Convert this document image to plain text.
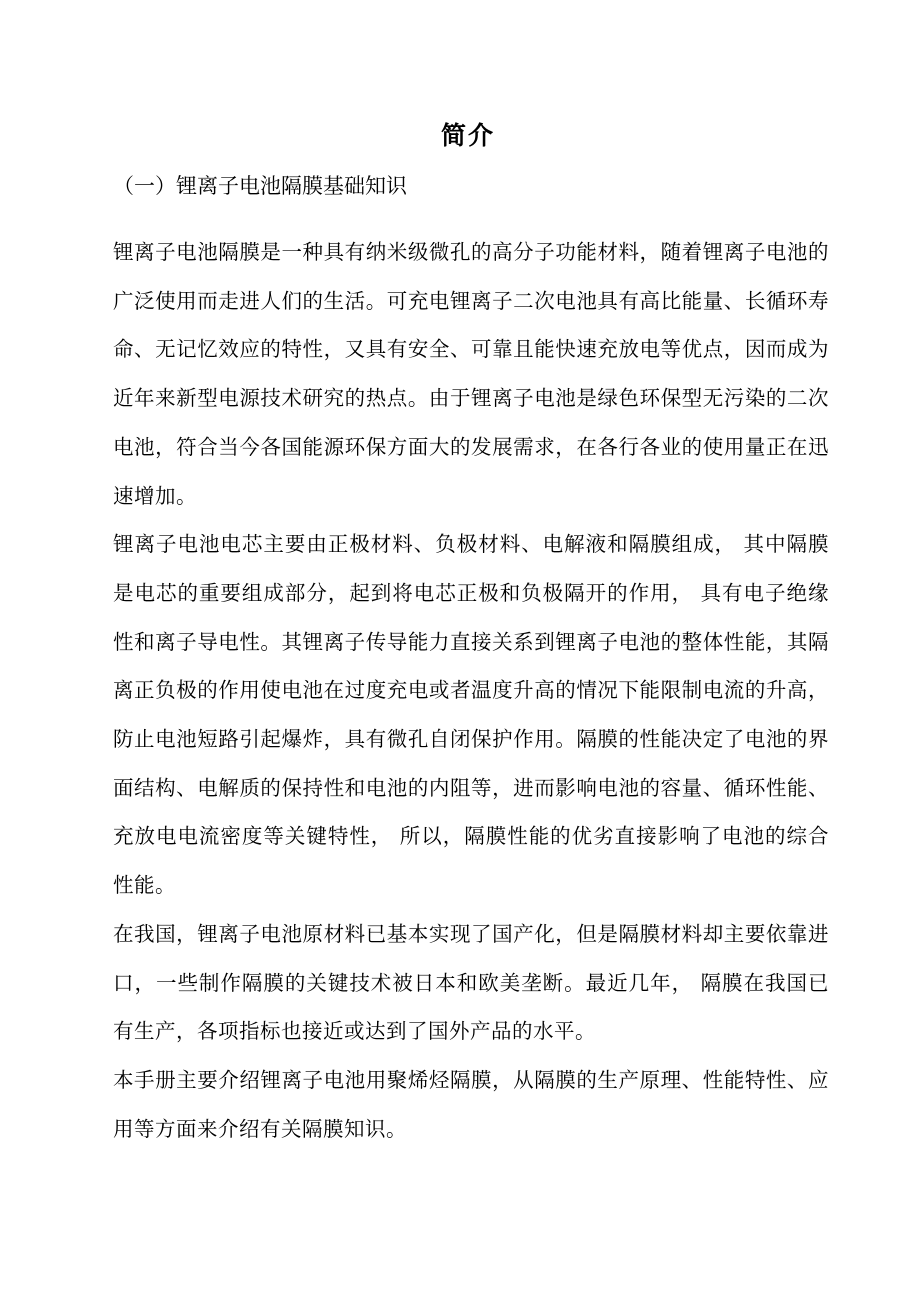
简介
（一）锂离子电池隔膜基础知识

锂离子电池隔膜是一种具有纳米级微孔的高分子功能材料，随着锂离子电池的广泛使用而走进人们的生活。可充电锂离子二次电池具有高比能量、长循环寿命、无记忆效应的特性，又具有安全、可靠且能快速充放电等优点，因而成为近年来新型电源技术研究的热点。由于锂离子电池是绿色环保型无污染的二次电池，符合当今各国能源环保方面大的发展需求，在各行各业的使用量正在迅速增加。

锂离子电池电芯主要由正极材料、负极材料、电解液和隔膜组成， 其中隔膜是电芯的重要组成部分，起到将电芯正极和负极隔开的作用， 具有电子绝缘性和离子导电性。其锂离子传导能力直接关系到锂离子电池的整体性能，其隔离正负极的作用使电池在过度充电或者温度升高的情况下能限制电流的升高，防止电池短路引起爆炸，具有微孔自闭保护作用。隔膜的性能决定了电池的界面结构、电解质的保持性和电池的内阻等，进而影响电池的容量、循环性能、充放电电流密度等关键特性， 所以，隔膜性能的优劣直接影响了电池的综合性能。

在我国，锂离子电池原材料已基本实现了国产化，但是隔膜材料却主要依靠进口，一些制作隔膜的关键技术被日本和欧美垄断。最近几年， 隔膜在我国已有生产，各项指标也接近或达到了国外产品的水平。

本手册主要介绍锂离子电池用聚烯烃隔膜，从隔膜的生产原理、性能特性、应用等方面来介绍有关隔膜知识。
